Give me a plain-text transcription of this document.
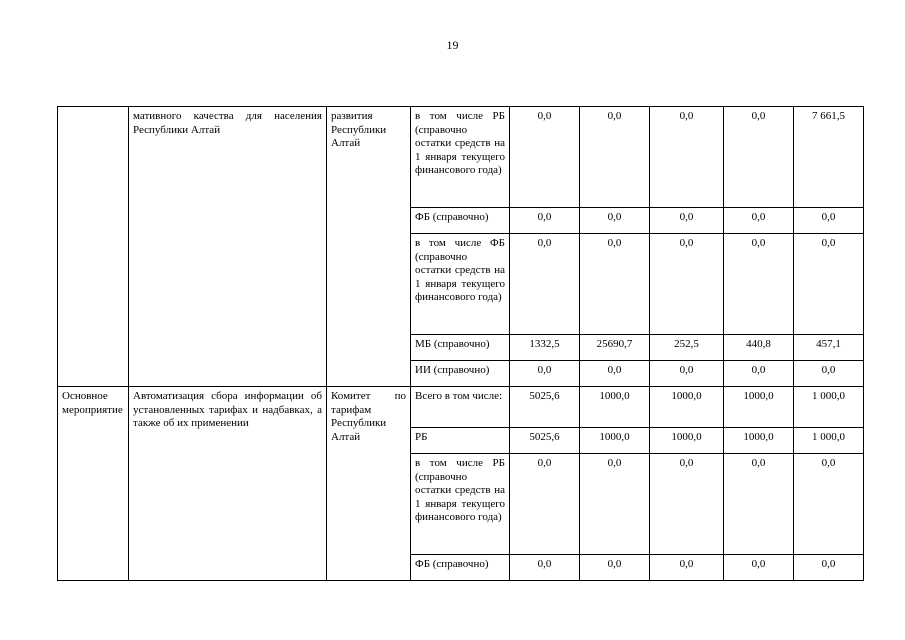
19
	мативного качества для населения Республики Алтай	развития Республики Алтай	в том числе РБ (справочно остатки средств на 1 января текущего финансового года)	0,0	0,0	0,0	0,0	7 661,5
			ФБ (справочно)	0,0	0,0	0,0	0,0	0,0
			в том числе ФБ (справочно остатки средств на 1 января текущего финансового года)	0,0	0,0	0,0	0,0	0,0
			МБ (справочно)	1332,5	25690,7	252,5	440,8	457,1
			ИИ (справочно)	0,0	0,0	0,0	0,0	0,0
Основное мероприятие	Автоматизация сбора информации об установленных тарифах и надбавках, а также об их применении	Комитет по тарифам Республики Алтай	Всего в том числе:	5025,6	1000,0	1000,0	1000,0	1 000,0
			РБ	5025,6	1000,0	1000,0	1000,0	1 000,0
			в том числе РБ (справочно остатки средств на 1 января текущего финансового года)	0,0	0,0	0,0	0,0	0,0
			ФБ (справочно)	0,0	0,0	0,0	0,0	0,0
